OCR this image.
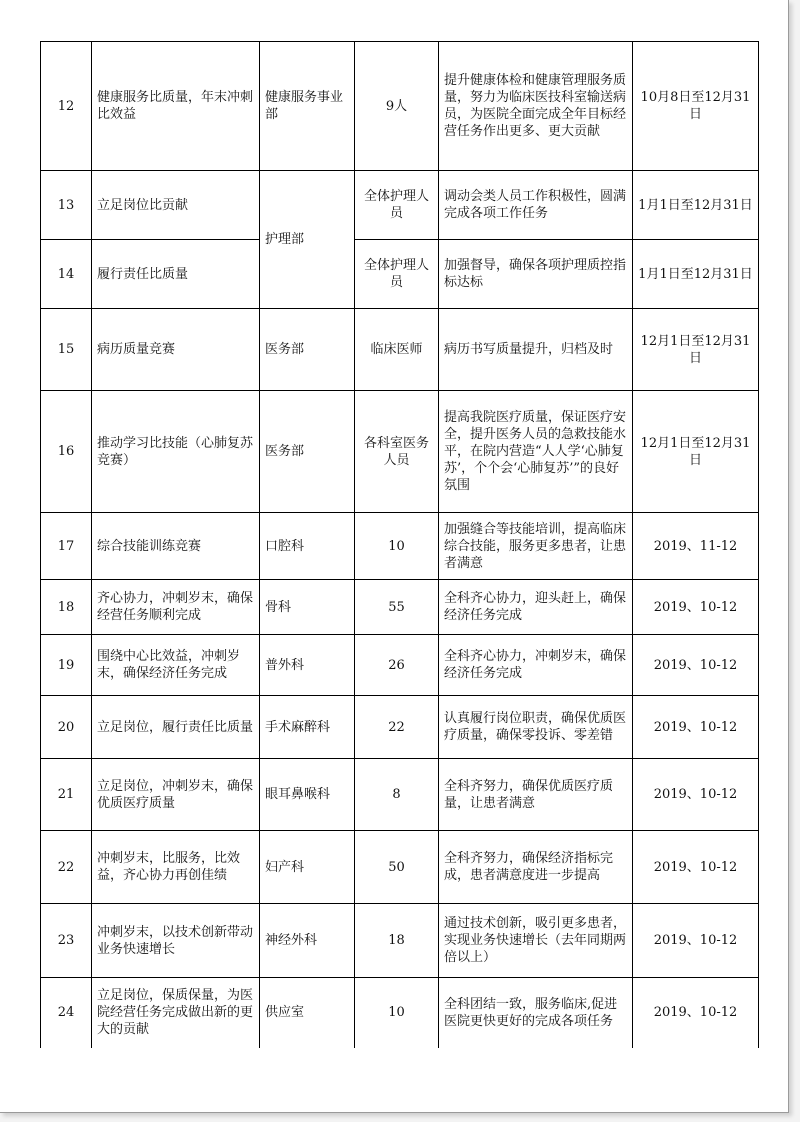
12	健康服务比质量，年末冲刺比效益	健康服务事业部	9人	提升健康体检和健康管理服务质量，努力为临床医技科室输送病员，为医院全面完成全年目标经营任务作出更多、更大贡献	10月8日至12月31日
13	立足岗位比贡献	护理部	全体护理人员	调动会类人员工作积极性，圆满完成各项工作任务	1月1日至12月31日
14	履行责任比质量		全体护理人员	加强督导，确保各项护理质控指标达标	1月1日至12月31日
15	病历质量竞赛	医务部	临床医师	病历书写质量提升，归档及时	12月1日至12月31日
16	推动学习比技能（心肺复苏竞赛）	医务部	各科室医务人员	提高我院医疗质量，保证医疗安全，提升医务人员的急救技能水平，在院内营造“人人学‘心肺复苏’，个个会‘心肺复苏’”的良好氛围	12月1日至12月31日
17	综合技能训练竞赛	口腔科	10	加强缝合等技能培训，提高临床综合技能，服务更多患者，让患者满意	2019、11-12
18	齐心协力，冲刺岁末，确保经营任务顺利完成	骨科	55	全科齐心协力，迎头赶上，确保经济任务完成	2019、10-12
19	围绕中心比效益，冲刺岁末，确保经济任务完成	普外科	26	全科齐心协力，冲刺岁末，确保经济任务完成	2019、10-12
20	立足岗位，履行责任比质量	手术麻醉科	22	认真履行岗位职责，确保优质医疗质量，确保零投诉、零差错	2019、10-12
21	立足岗位，冲刺岁末，确保优质医疗质量	眼耳鼻喉科	8	全科齐努力，确保优质医疗质量，让患者满意	2019、10-12
22	冲刺岁末，比服务，比效益，齐心协力再创佳绩	妇产科	50	全科齐努力，确保经济指标完成，患者满意度进一步提高	2019、10-12
23	冲刺岁末，以技术创新带动业务快速增长	神经外科	18	通过技术创新，吸引更多患者，实现业务快速增长（去年同期两倍以上）	2019、10-12
24	立足岗位，保质保量，为医院经营任务完成做出新的更大的贡献	供应室	10	全科团结一致，服务临床,促进医院更快更好的完成各项任务	2019、10-12
